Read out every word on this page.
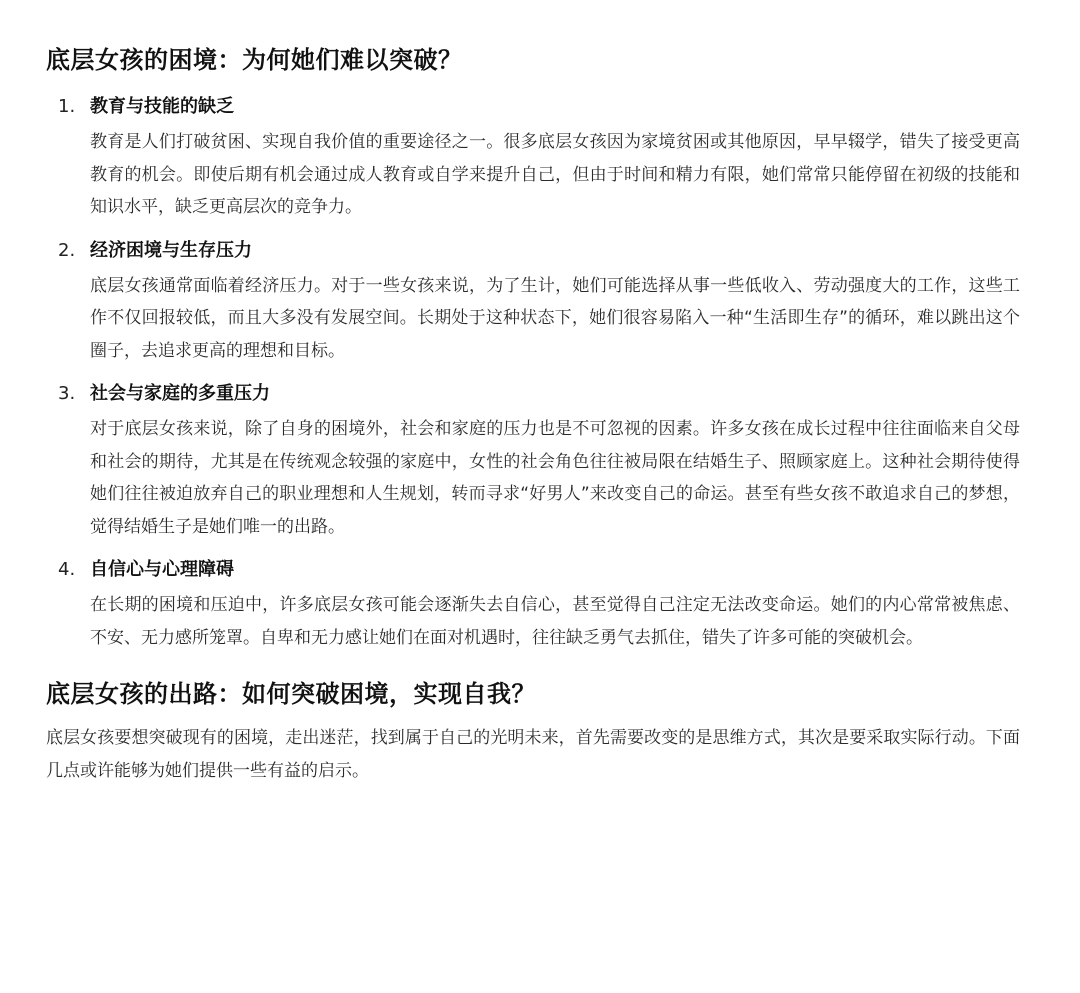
底层女孩的困境：为何她们难以突破？
1. 教育与技能的缺乏
教育是人们打破贫困、实现自我价值的重要途径之一。很多底层女孩因为家境贫困或其他原因，早早辍学，错失了接受更高教育的机会。即使后期有机会通过成人教育或自学来提升自己，但由于时间和精力有限，她们常常只能停留在初级的技能和知识水平，缺乏更高层次的竞争力。
2. 经济困境与生存压力
底层女孩通常面临着经济压力。对于一些女孩来说，为了生计，她们可能选择从事一些低收入、劳动强度大的工作，这些工作不仅回报较低，而且大多没有发展空间。长期处于这种状态下，她们很容易陷入一种“生活即生存”的循环，难以跳出这个圈子，去追求更高的理想和目标。
3. 社会与家庭的多重压力
对于底层女孩来说，除了自身的困境外，社会和家庭的压力也是不可忽视的因素。许多女孩在成长过程中往往面临来自父母和社会的期待，尤其是在传统观念较强的家庭中，女性的社会角色往往被局限在结婚生子、照顾家庭上。这种社会期待使得她们往往被迫放弃自己的职业理想和人生规划，转而寻求“好男人”来改变自己的命运。甚至有些女孩不敢追求自己的梦想，觉得结婚生子是她们唯一的出路。
4. 自信心与心理障碍
在长期的困境和压迫中，许多底层女孩可能会逐渐失去自信心，甚至觉得自己注定无法改变命运。她们的内心常常被焦虑、不安、无力感所笼罩。自卑和无力感让她们在面对机遇时，往往缺乏勇气去抓住，错失了许多可能的突破机会。
底层女孩的出路：如何突破困境，实现自我？
底层女孩要想突破现有的困境，走出迷茫，找到属于自己的光明未来，首先需要改变的是思维方式，其次是要采取实际行动。下面几点或许能够为她们提供一些有益的启示。
